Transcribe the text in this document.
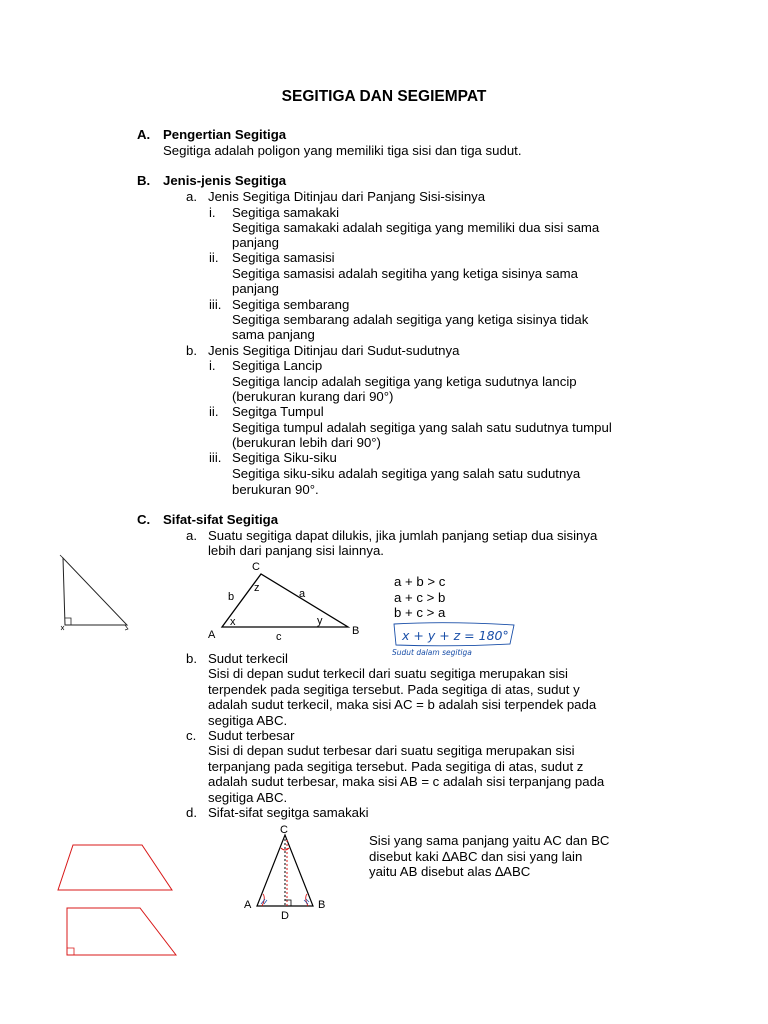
SEGITIGA DAN SEGIEMPAT
A. Pengertian Segitiga
Segitiga adalah poligon yang memiliki tiga sisi dan tiga sudut.
B. Jenis-jenis Segitiga
a. Jenis Segitiga Ditinjau dari Panjang Sisi-sisinya
i. Segitiga samakaki
Segitiga samakaki adalah segitiga yang memiliki dua sisi sama
panjang
ii. Segitiga samasisi
Segitiga samasisi adalah segitiha yang ketiga sisinya sama
panjang
iii. Segitiga sembarang
Segitiga sembarang adalah segitiga yang ketiga sisinya tidak
sama panjang
b. Jenis Segitiga Ditinjau dari Sudut-sudutnya
i. Segitiga Lancip
Segitiga lancip adalah segitiga yang ketiga sudutnya lancip
(berukuran kurang dari 90°)
ii. Segitga Tumpul
Segitiga tumpul adalah segitiga yang salah satu sudutnya tumpul
(berukuran lebih dari 90°)
iii. Segitiga Siku-siku
Segitiga siku-siku adalah segitiga yang salah satu sudutnya
berukuran 90°.
C. Sifat-sifat Segitiga
a. Suatu segitiga dapat dilukis, jika jumlah panjang setiap dua sisinya
lebih dari panjang sisi lainnya.
C
A	B
b	a
c
x	y
z	a + b > c
a + c > b
b + c > a
x + y + z = 180°
Sudut dalam segitiga
b. Sudut terkecil
Sisi di depan sudut terkecil dari suatu segitiga merupakan sisi
terpendek pada segitiga tersebut. Pada segitiga di atas, sudut y
adalah sudut terkecil, maka sisi AC = b adalah sisi terpendek pada
segitiga ABC.
c. Sudut terbesar
Sisi di depan sudut terbesar dari suatu segitiga merupakan sisi
terpanjang pada segitiga tersebut. Pada segitiga di atas, sudut z
adalah sudut terbesar, maka sisi AB = c adalah sisi terpanjang pada
segitiga ABC.
d. Sifat-sifat segitga samakaki
C
A	B
D
Sisi yang sama panjang yaitu AC dan BC
disebut kaki ∆ABC dan sisi yang lain
yaitu AB disebut alas ∆ABC
